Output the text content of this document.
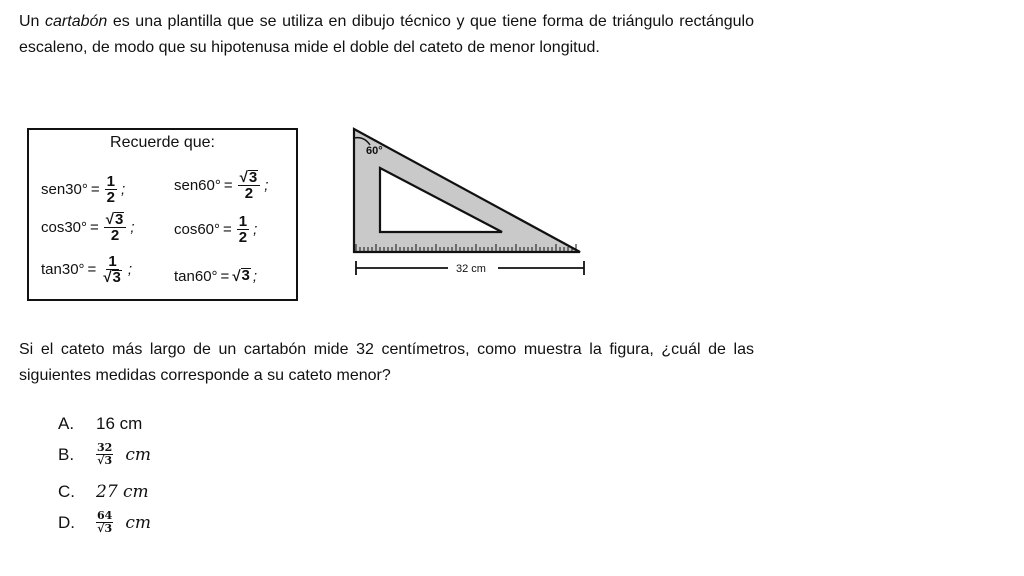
Un cartabón es una plantilla que se utiliza en dibujo técnico y que tiene forma de triángulo rectángulo escaleno, de modo que su hipotenusa mide el doble del cateto de menor longitud.
Recuerde que:
$sen30^\circ = \frac{1}{2}$ ;	$sen60^\circ = \frac{√ 3}{2}$ ;
$\cos 30^\circ = \frac{√ 3}{2}$ ;	$\cos 60^\circ = \frac{1}{2}$ ;
$\tan 30^\circ = \frac{1}{√ 3}$ ;	tan60° = √ 3 ;
60°
32 cm
Si el cateto más largo de un cartabón mide 32 centímetros, como muestra la figura, ¿cuál de las siguientes medidas corresponde a su cateto menor?
A.	16 cm
B.	$\frac{32}{√3}$ cm
C.	27 cm
D.	$\frac{64}{√3}$ cm
